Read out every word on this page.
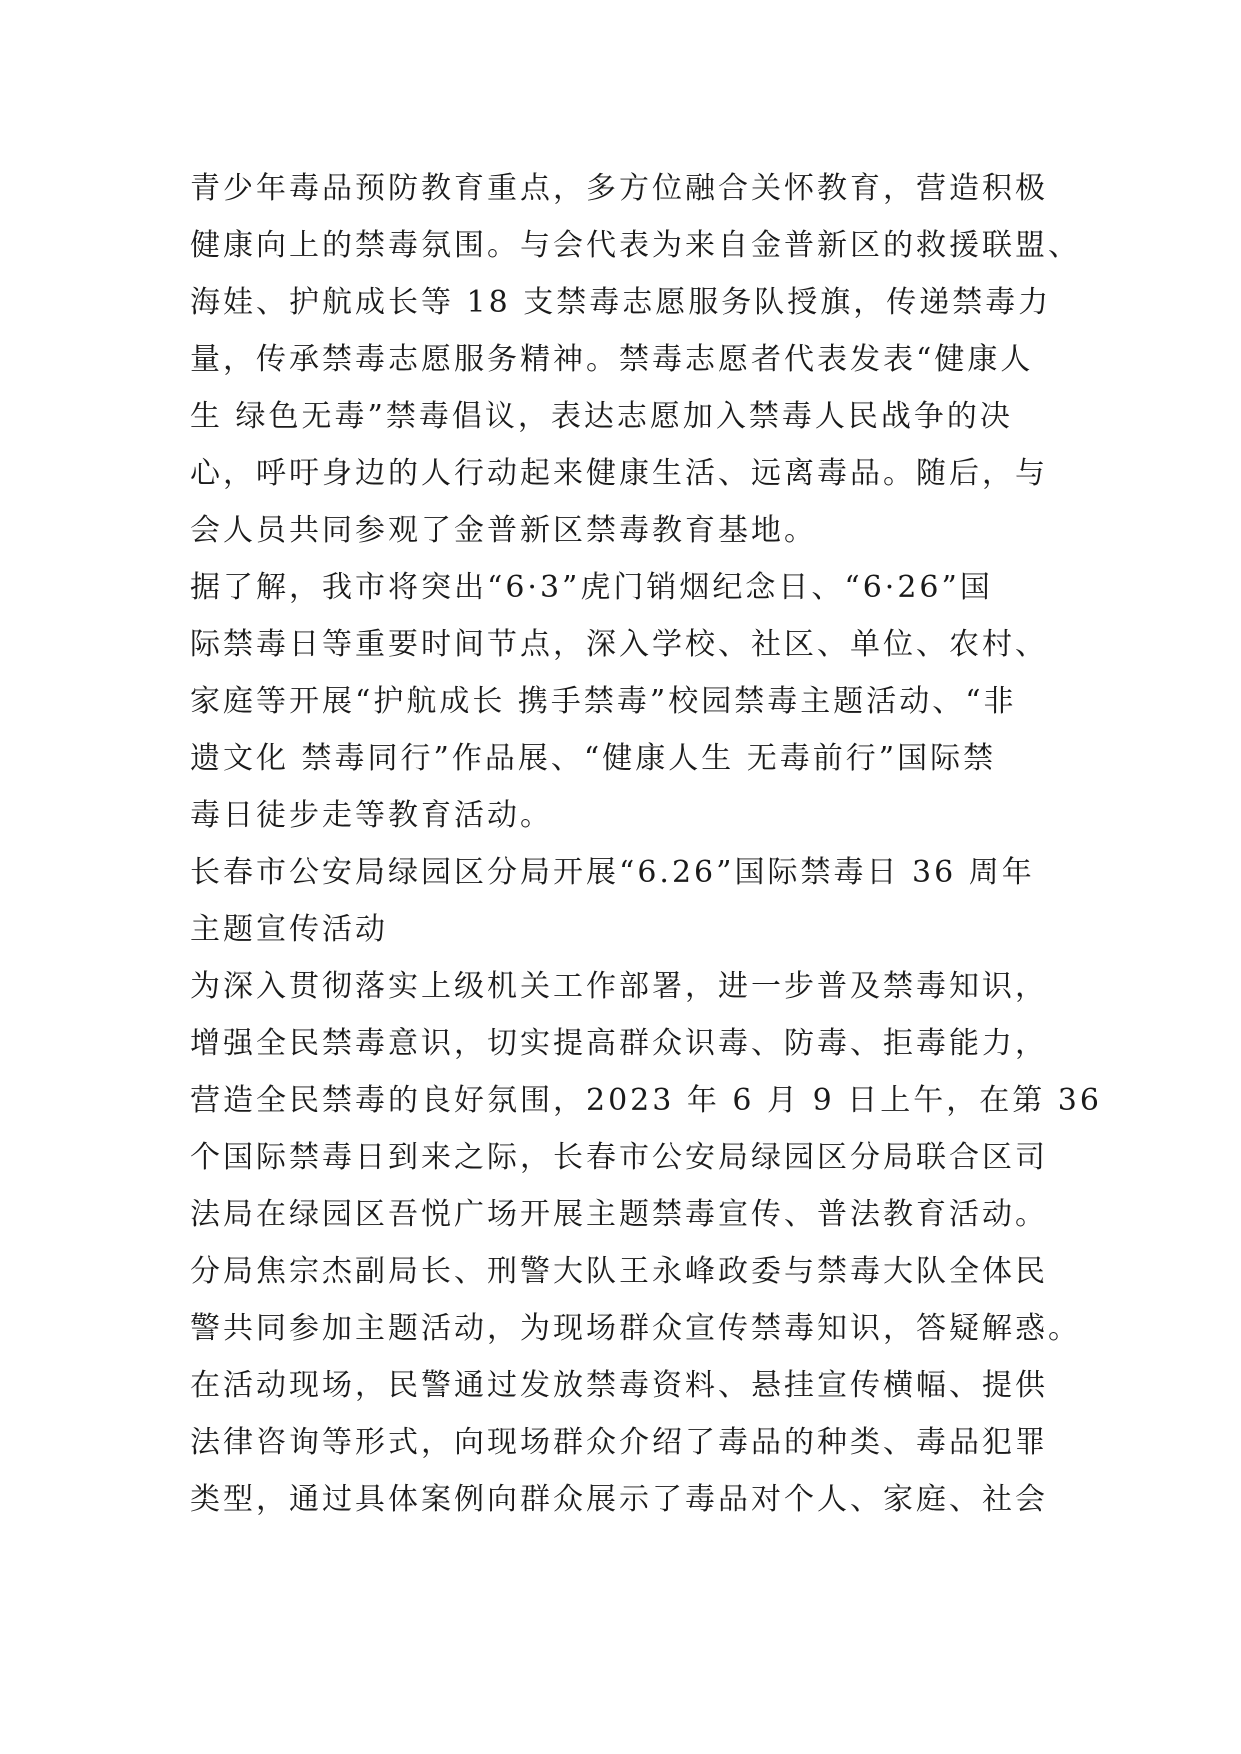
青少年毒品预防教育重点，多方位融合关怀教育，营造积极
健康向上的禁毒氛围。与会代表为来自金普新区的救援联盟、
海娃、护航成长等 18 支禁毒志愿服务队授旗，传递禁毒力
量，传承禁毒志愿服务精神。禁毒志愿者代表发表“健康人
生 绿色无毒”禁毒倡议，表达志愿加入禁毒人民战争的决
心，呼吁身边的人行动起来健康生活、远离毒品。随后，与
会人员共同参观了金普新区禁毒教育基地。
据了解，我市将突出“6·3”虎门销烟纪念日、“6·26”国
际禁毒日等重要时间节点，深入学校、社区、单位、农村、
家庭等开展“护航成长 携手禁毒”校园禁毒主题活动、“非
遗文化 禁毒同行”作品展、“健康人生 无毒前行”国际禁
毒日徒步走等教育活动。
长春市公安局绿园区分局开展“6.26”国际禁毒日 36 周年
主题宣传活动
为深入贯彻落实上级机关工作部署，进一步普及禁毒知识，
增强全民禁毒意识，切实提高群众识毒、防毒、拒毒能力，
营造全民禁毒的良好氛围，2023 年 6 月 9 日上午，在第 36
个国际禁毒日到来之际，长春市公安局绿园区分局联合区司
法局在绿园区吾悦广场开展主题禁毒宣传、普法教育活动。
分局焦宗杰副局长、刑警大队王永峰政委与禁毒大队全体民
警共同参加主题活动，为现场群众宣传禁毒知识，答疑解惑。
在活动现场，民警通过发放禁毒资料、悬挂宣传横幅、提供
法律咨询等形式，向现场群众介绍了毒品的种类、毒品犯罪
类型，通过具体案例向群众展示了毒品对个人、家庭、社会
